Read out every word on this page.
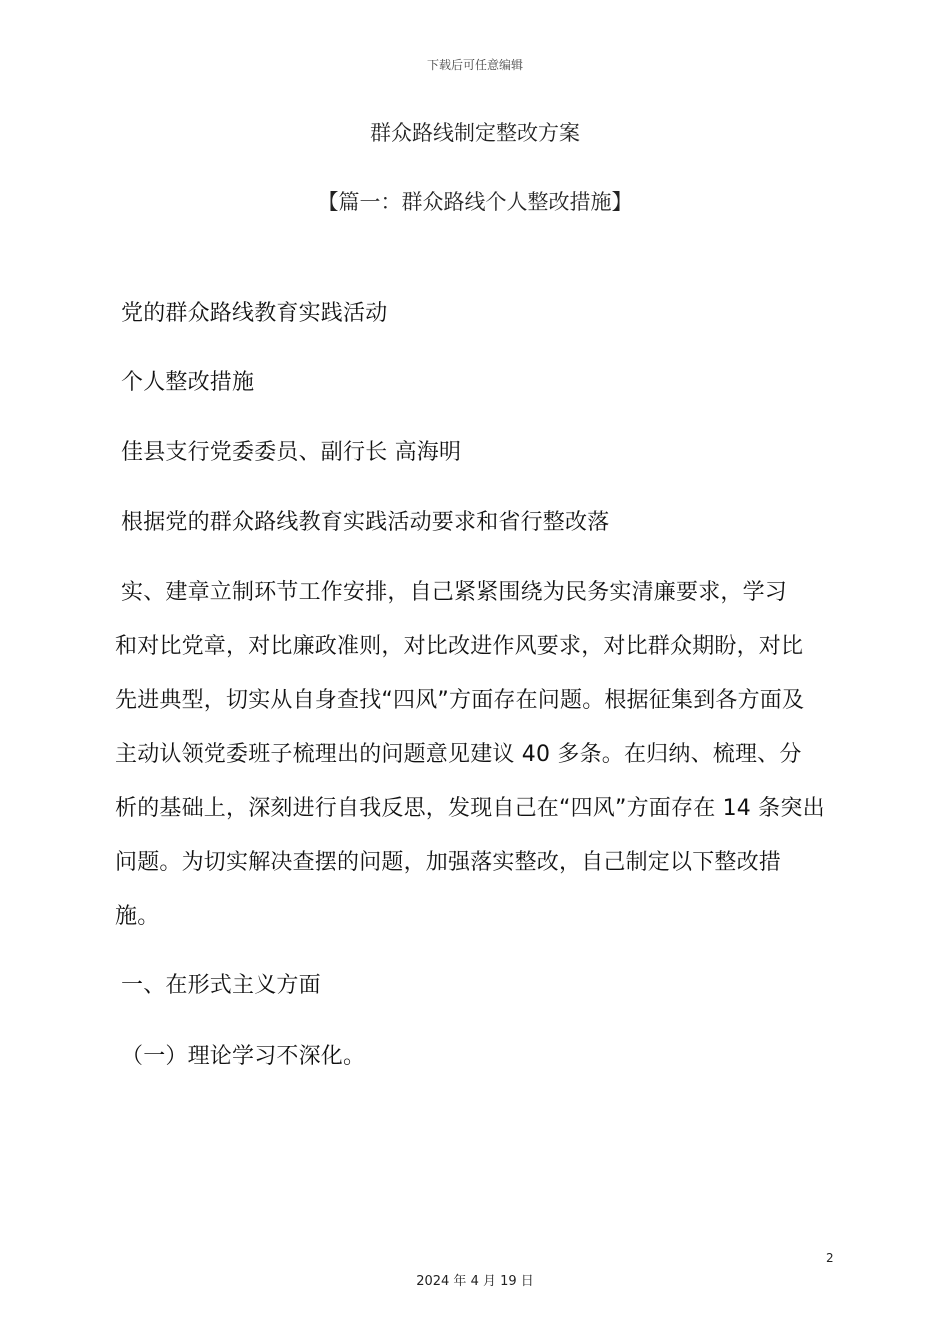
下载后可任意编辑
群众路线制定整改方案
【篇一：群众路线个人整改措施】
党的群众路线教育实践活动
个人整改措施
佳县支行党委委员、副行长 高海明
根据党的群众路线教育实践活动要求和省行整改落
实、建章立制环节工作安排，自己紧紧围绕为民务实清廉要求，学习
和对比党章，对比廉政准则，对比改进作风要求，对比群众期盼，对比
先进典型，切实从自身查找“四风”方面存在问题。根据征集到各方面及
主动认领党委班子梳理出的问题意见建议 40 多条。在归纳、梳理、分
析的基础上，深刻进行自我反思，发现自己在“四风”方面存在 14 条突出
问题。为切实解决查摆的问题，加强落实整改，自己制定以下整改措
施。
一、在形式主义方面
（一）理论学习不深化。
2
2024 年 4 月 19 日
